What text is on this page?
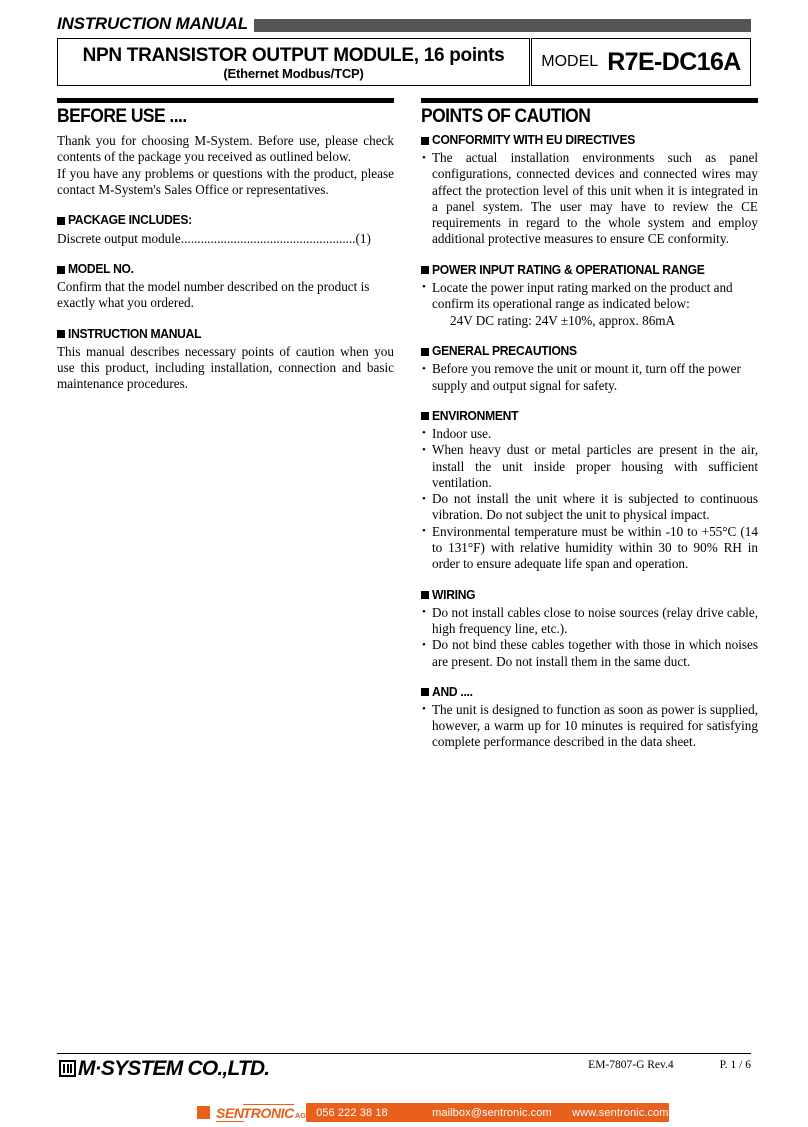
INSTRUCTION MANUAL
NPN TRANSISTOR OUTPUT MODULE, 16 points
(Ethernet Modbus/TCP)
MODEL R7E-DC16A
BEFORE USE ....

Thank you for choosing M-System. Before use, please check contents of the package you received as outlined below.

If you have any problems or questions with the product, please contact M-System's Sales Office or representatives.

PACKAGE INCLUDES:
Discrete output module.....................................................(1)
MODEL NO.

Confirm that the model number described on the product is exactly what you ordered.

INSTRUCTION MANUAL

This manual describes necessary points of caution when you use this product, including installation, connection and basic maintenance procedures.

POINTS OF CAUTION
CONFORMITY WITH EU DIRECTIVES
• The actual installation environments such as panel configurations, connected devices and connected wires may affect the protection level of this unit when it is integrated in a panel system. The user may have to review the CE requirements in regard to the whole system and employ additional protective measures to ensure CE conformity.
POWER INPUT RATING & OPERATIONAL RANGE
• Locate the power input rating marked on the product and confirm its operational range as indicated below:
24V DC rating: 24V ±10%, approx. 86mA
GENERAL PRECAUTIONS
• Before you remove the unit or mount it, turn off the power supply and output signal for safety.
ENVIRONMENT
• Indoor use.
• When heavy dust or metal particles are present in the air, install the unit inside proper housing with sufficient ventilation.
• Do not install the unit where it is subjected to continuous vibration. Do not subject the unit to physical impact.
• Environmental temperature must be within -10 to +55°C (14 to 131°F) with relative humidity within 30 to 90% RH in order to ensure adequate life span and operation.
WIRING
• Do not install cables close to noise sources (relay drive cable, high frequency line, etc.).
• Do not bind these cables together with those in which noises are present. Do not install them in the same duct.
AND ....
• The unit is designed to function as soon as power is supplied, however, a warm up for 10 minutes is required for satisfying complete performance described in the data sheet.
M·SYSTEM CO.,LTD.	EM-7807-G Rev.4	P. 1 / 6
SEN TRONIC AG 056 222 38 18	mailbox@sentronic.com	www.sentronic.com
